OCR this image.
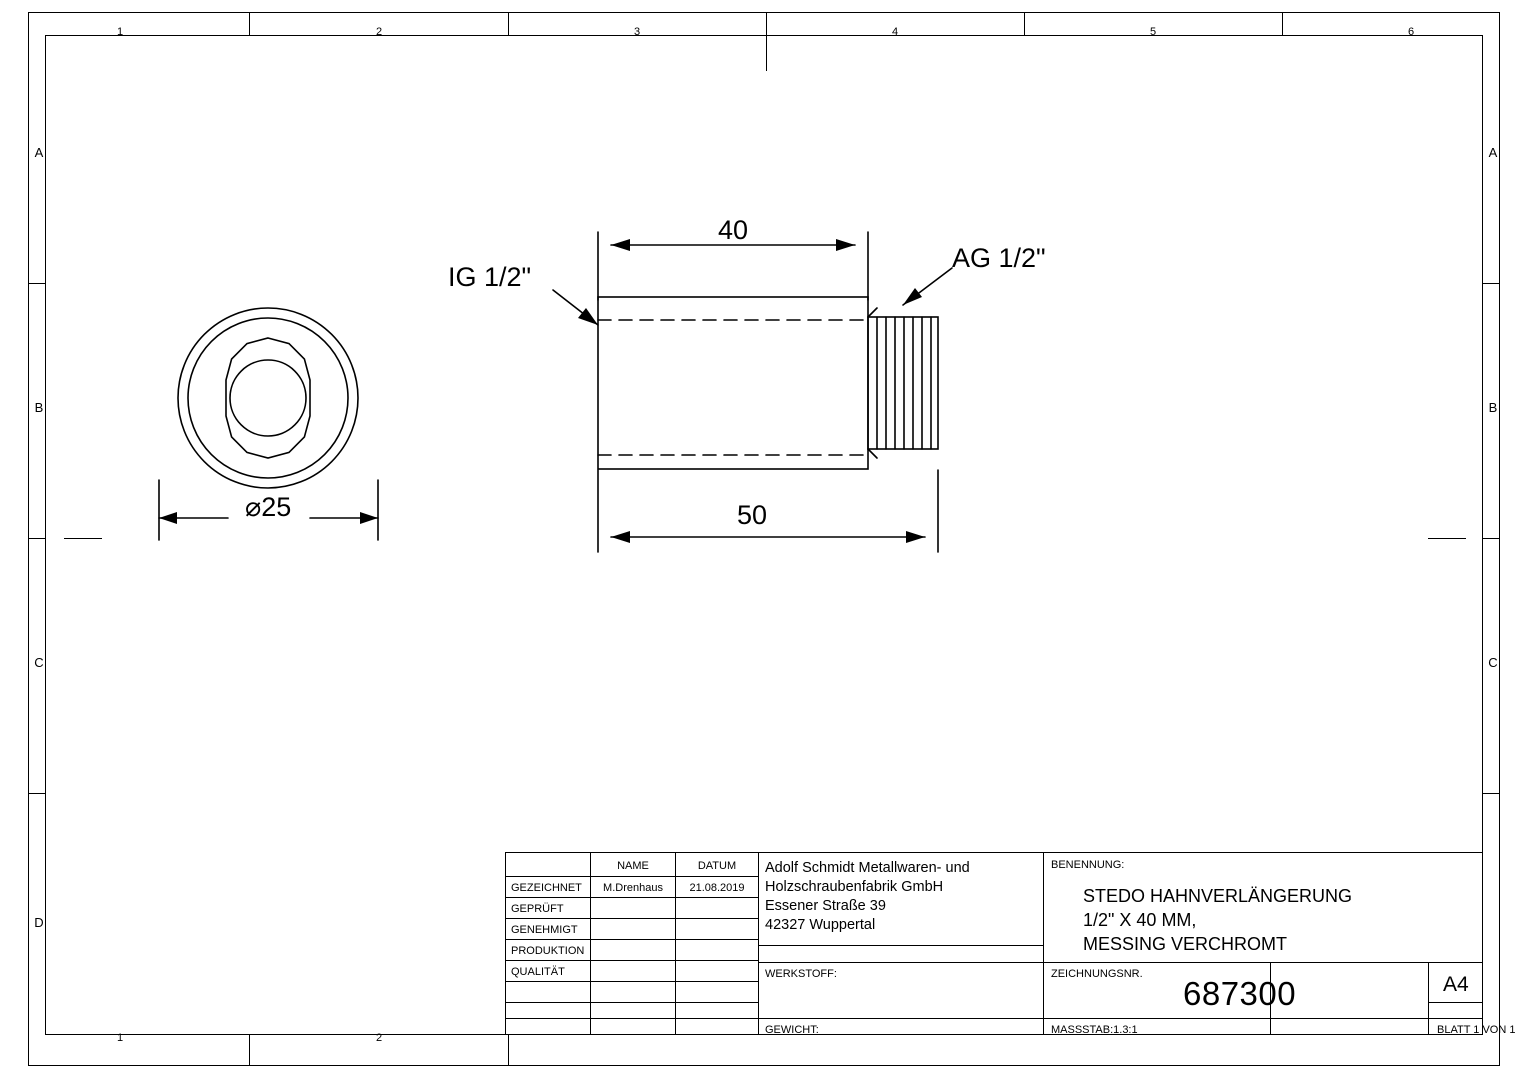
1	2	3	4	5	6
1	2
A
B
C
D
A
B
C
40
50
⌀25
IG 1/2"
AG 1/2"
NAME	DATUM
GEZEICHNET	M.Drenhaus	21.08.2019
GEPRÜFT
GENEHMIGT
PRODUKTION
QUALITÄT
Adolf Schmidt Metallwaren- und
Holzschraubenfabrik GmbH
Essener Straße 39
42327 Wuppertal
WERKSTOFF:
GEWICHT:
BENENNUNG:
STEDO HAHNVERLÄNGERUNG
1/2" X 40 MM,
MESSING VERCHROMT
ZEICHNUNGSNR.
687300	A4
MASSSTAB:1.3:1	BLATT 1 VON 1
